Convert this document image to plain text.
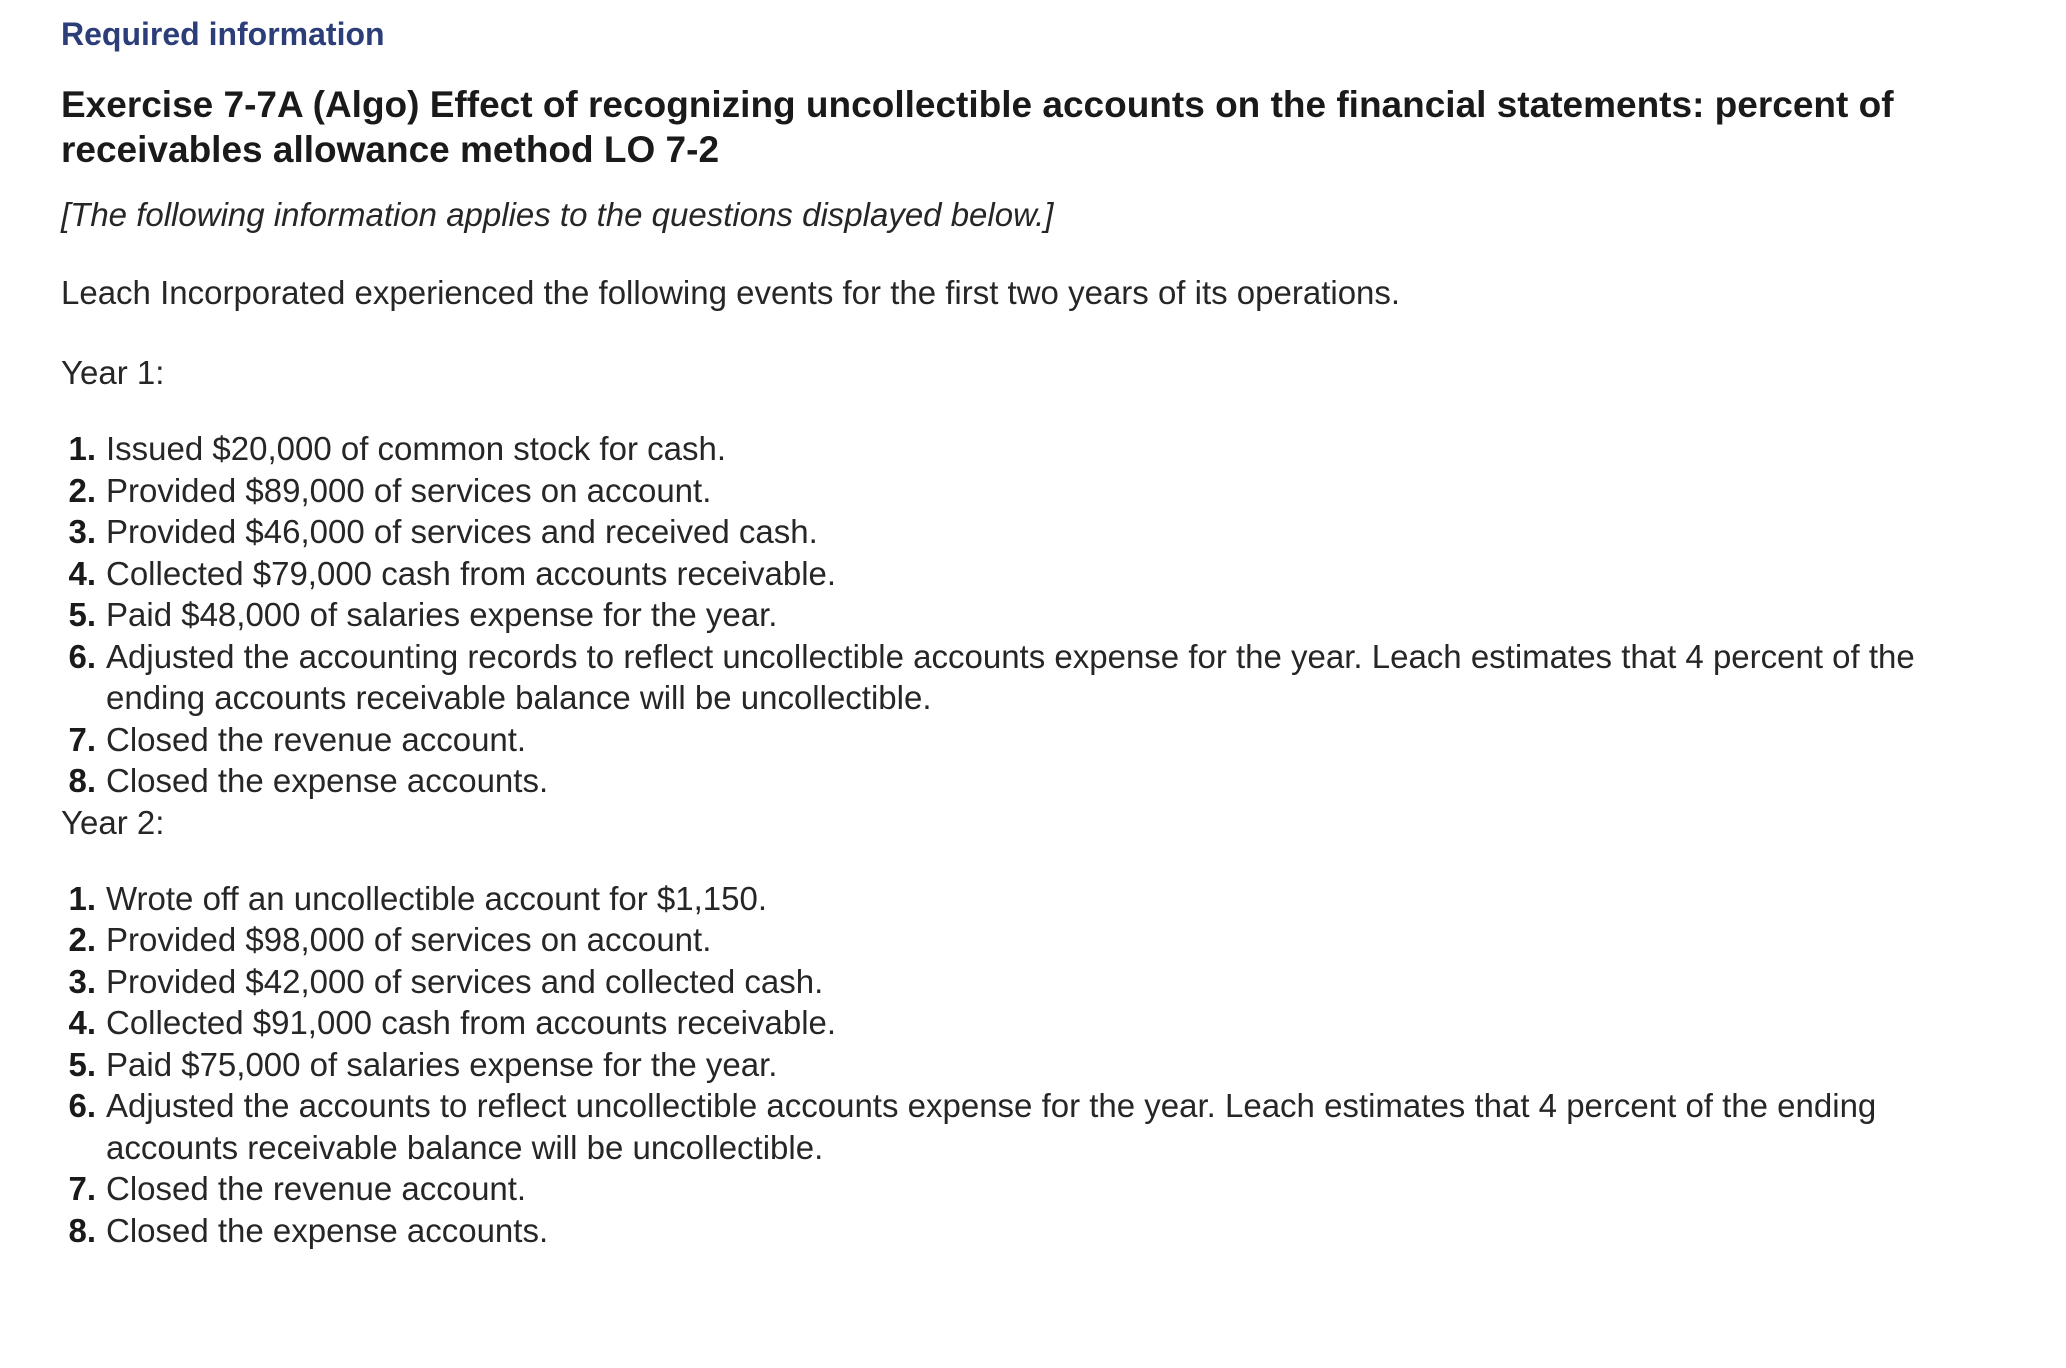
Required information
Exercise 7-7A (Algo) Effect of recognizing uncollectible accounts on the financial statements: percent of receivables allowance method LO 7-2
[The following information applies to the questions displayed below.]
Leach Incorporated experienced the following events for the first two years of its operations.
Year 1:
1. Issued $20,000 of common stock for cash.
2. Provided $89,000 of services on account.
3. Provided $46,000 of services and received cash.
4. Collected $79,000 cash from accounts receivable.
5. Paid $48,000 of salaries expense for the year.
6. Adjusted the accounting records to reflect uncollectible accounts expense for the year. Leach estimates that 4 percent of the ending accounts receivable balance will be uncollectible.
7. Closed the revenue account.
8. Closed the expense accounts.
Year 2:
1. Wrote off an uncollectible account for $1,150.
2. Provided $98,000 of services on account.
3. Provided $42,000 of services and collected cash.
4. Collected $91,000 cash from accounts receivable.
5. Paid $75,000 of salaries expense for the year.
6. Adjusted the accounts to reflect uncollectible accounts expense for the year. Leach estimates that 4 percent of the ending accounts receivable balance will be uncollectible.
7. Closed the revenue account.
8. Closed the expense accounts.
